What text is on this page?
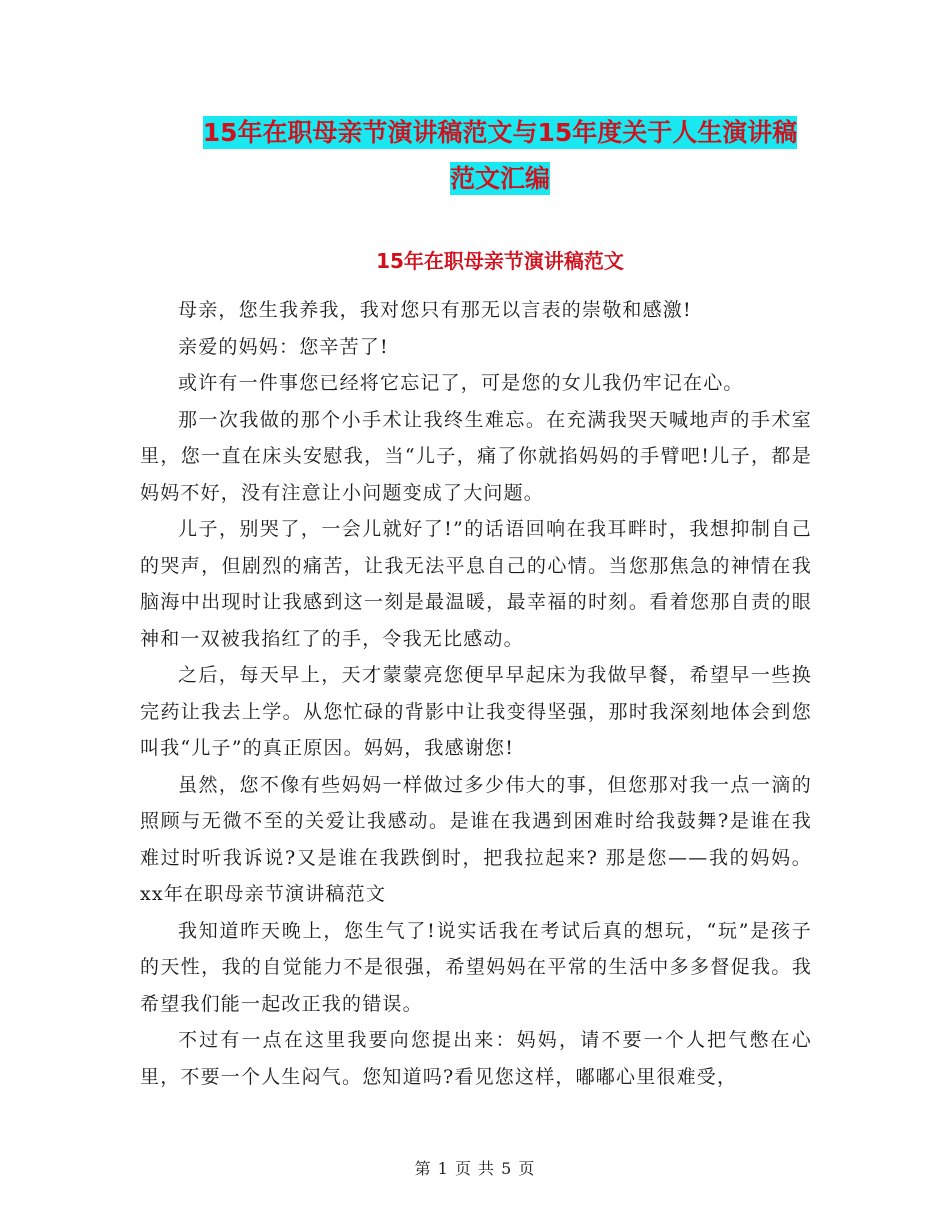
15年在职母亲节演讲稿范文与15年度关于人生演讲稿
范文汇编
15年在职母亲节演讲稿范文

母亲，您生我养我，我对您只有那无以言表的崇敬和感激!

亲爱的妈妈：您辛苦了!

或许有一件事您已经将它忘记了，可是您的女儿我仍牢记在心。

那一次我做的那个小手术让我终生难忘。在充满我哭天喊地声的手术室里，您一直在床头安慰我，当“儿子，痛了你就掐妈妈的手臂吧!儿子，都是妈妈不好，没有注意让小问题变成了大问题。

儿子，别哭了，一会儿就好了!”的话语回响在我耳畔时，我想抑制自己的哭声，但剧烈的痛苦，让我无法平息自己的心情。当您那焦急的神情在我脑海中出现时让我感到这一刻是最温暖，最幸福的时刻。看着您那自责的眼神和一双被我掐红了的手，令我无比感动。

之后，每天早上，天才蒙蒙亮您便早早起床为我做早餐，希望早一些换完药让我去上学。从您忙碌的背影中让我变得坚强，那时我深刻地体会到您叫我“儿子”的真正原因。妈妈，我感谢您!

虽然，您不像有些妈妈一样做过多少伟大的事，但您那对我一点一滴的照顾与无微不至的关爱让我感动。是谁在我遇到困难时给我鼓舞?是谁在我难过时听我诉说?又是谁在我跌倒时，把我拉起来? 那是您——我的妈妈。xx年在职母亲节演讲稿范文

我知道昨天晚上，您生气了!说实话我在考试后真的想玩，“玩”是孩子的天性，我的自觉能力不是很强，希望妈妈在平常的生活中多多督促我。我希望我们能一起改正我的错误。

不过有一点在这里我要向您提出来：妈妈，请不要一个人把气憋在心里，不要一个人生闷气。您知道吗?看见您这样，嘟嘟心里很难受，

第 1 页 共 5 页
